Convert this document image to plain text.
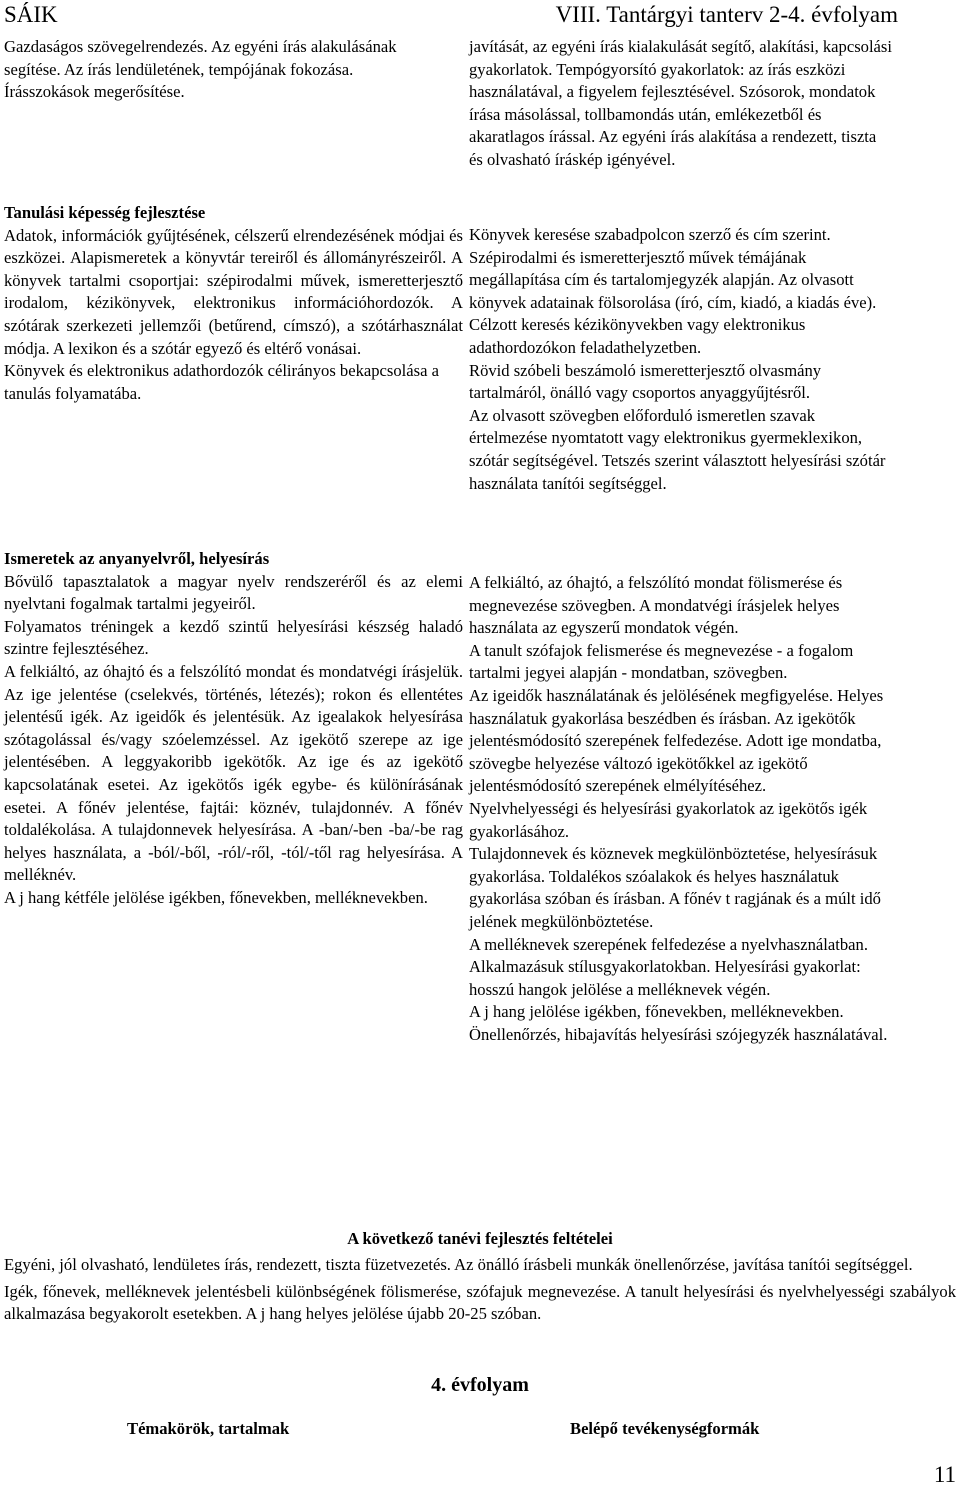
SÁIK	VIII. Tantárgyi tanterv 2-4. évfolyam

Gazdaságos szövegelrendezés. Az egyéni írás alakulásának segítése. Az írás lendületének, tempójának fokozása. Írásszokások megerősítése.

Tanulási képesség fejlesztése

Adatok, információk gyűjtésének, célszerű elrendezésének módjai és eszközei. Alapismeretek a könyvtár tereiről és állományrészeiről. A könyvek tartalmi csoportjai: szépirodalmi művek, ismeretterjesztő irodalom, kézikönyvek, elektronikus információhordozók. A szótárak szerkezeti jellemzői (betűrend, címszó), a szótárhasználat módja. A lexikon és a szótár egyező és eltérő vonásai.

Könyvek és elektronikus adathordozók célirányos bekapcsolása a tanulás folyamatába.

Ismeretek az anyanyelvről, helyesírás

Bővülő tapasztalatok a magyar nyelv rendszeréről és az elemi nyelvtani fogalmak tartalmi jegyeiről.

Folyamatos tréningek a kezdő szintű helyesírási készség haladó szintre fejlesztéséhez.

A felkiáltó, az óhajtó és a felszólító mondat és mondatvégi írásjelük. Az ige jelentése (cselekvés, történés, létezés); rokon és ellentétes jelentésű igék. Az igeidők és jelentésük. Az igealakok helyesírása szótagolással és/vagy szóelemzéssel. Az igekötő szerepe az ige jelentésében. A leggyakoribb igekötők. Az ige és az igekötő kapcsolatának esetei. Az igekötős igék egybe- és különírásának esetei. A főnév jelentése, fajtái: köznév, tulajdonnév. A főnév toldalékolása. A tulajdonnevek helyesírása. A -ban/-ben -ba/-be rag helyes használata, a -ból/-ből, -ról/-ről, -tól/-től rag helyesírása. A melléknév.

A j hang kétféle jelölése igékben, főnevekben, melléknevekben.

javítását, az egyéni írás kialakulását segítő, alakítási, kapcsolási gyakorlatok. Tempógyorsító gyakorlatok: az írás eszközi használatával, a figyelem fejlesztésével. Szósorok, mondatok írása másolással, tollbamondás után, emlékezetből és akaratlagos írással. Az egyéni írás alakítása a rendezett, tiszta és olvasható íráskép igényével.

Könyvek keresése szabadpolcon szerző és cím szerint. Szépirodalmi és ismeretterjesztő művek témájának megállapítása cím és tartalomjegyzék alapján. Az olvasott könyvek adatainak fölsorolása (író, cím, kiadó, a kiadás éve). Célzott keresés kézikönyvekben vagy elektronikus adathordozókon feladathelyzetben.

Rövid szóbeli beszámoló ismeretterjesztő olvasmány tartalmáról, önálló vagy csoportos anyaggyűjtésről.

Az olvasott szövegben előforduló ismeretlen szavak értelmezése nyomtatott vagy elektronikus gyermeklexikon, szótár segítségével. Tetszés szerint választott helyesírási szótár használata tanítói segítséggel.

A felkiáltó, az óhajtó, a felszólító mondat fölismerése és megnevezése szövegben. A mondatvégi írásjelek helyes használata az egyszerű mondatok végén.

A tanult szófajok felismerése és megnevezése - a fogalom tartalmi jegyei alapján - mondatban, szövegben.

Az igeidők használatának és jelölésének megfigyelése. Helyes használatuk gyakorlása beszédben és írásban. Az igekötők jelentésmódosító szerepének felfedezése. Adott ige mondatba, szövegbe helyezése változó igekötőkkel az igekötő jelentésmódosító szerepének elmélyítéséhez.

Nyelvhelyességi és helyesírási gyakorlatok az igekötős igék gyakorlásához.

Tulajdonnevek és köznevek megkülönböztetése, helyesírásuk gyakorlása. Toldalékos szóalakok és helyes használatuk gyakorlása szóban és írásban. A főnév t ragjának és a múlt idő jelének megkülönböztetése.

A melléknevek szerepének felfedezése a nyelvhasználatban.

Alkalmazásuk stílusgyakorlatokban. Helyesírási gyakorlat: hosszú hangok jelölése a melléknevek végén.

A j hang jelölése igékben, főnevekben, melléknevekben.

Önellenőrzés, hibajavítás helyesírási szójegyzék használatával.

A következő tanévi fejlesztés feltételei

Egyéni, jól olvasható, lendületes írás, rendezett, tiszta füzetvezetés. Az önálló írásbeli munkák önellenőrzése, javítása tanítói segítséggel.

Igék, főnevek, melléknevek jelentésbeli különbségének fölismerése, szófajuk megnevezése. A tanult helyesírási és nyelvhelyességi szabályok alkalmazása begyakorolt esetekben. A j hang helyes jelölése újabb 20-25 szóban.

4. évfolyam
Témakörök, tartalmak	Belépő tevékenységformák
11
